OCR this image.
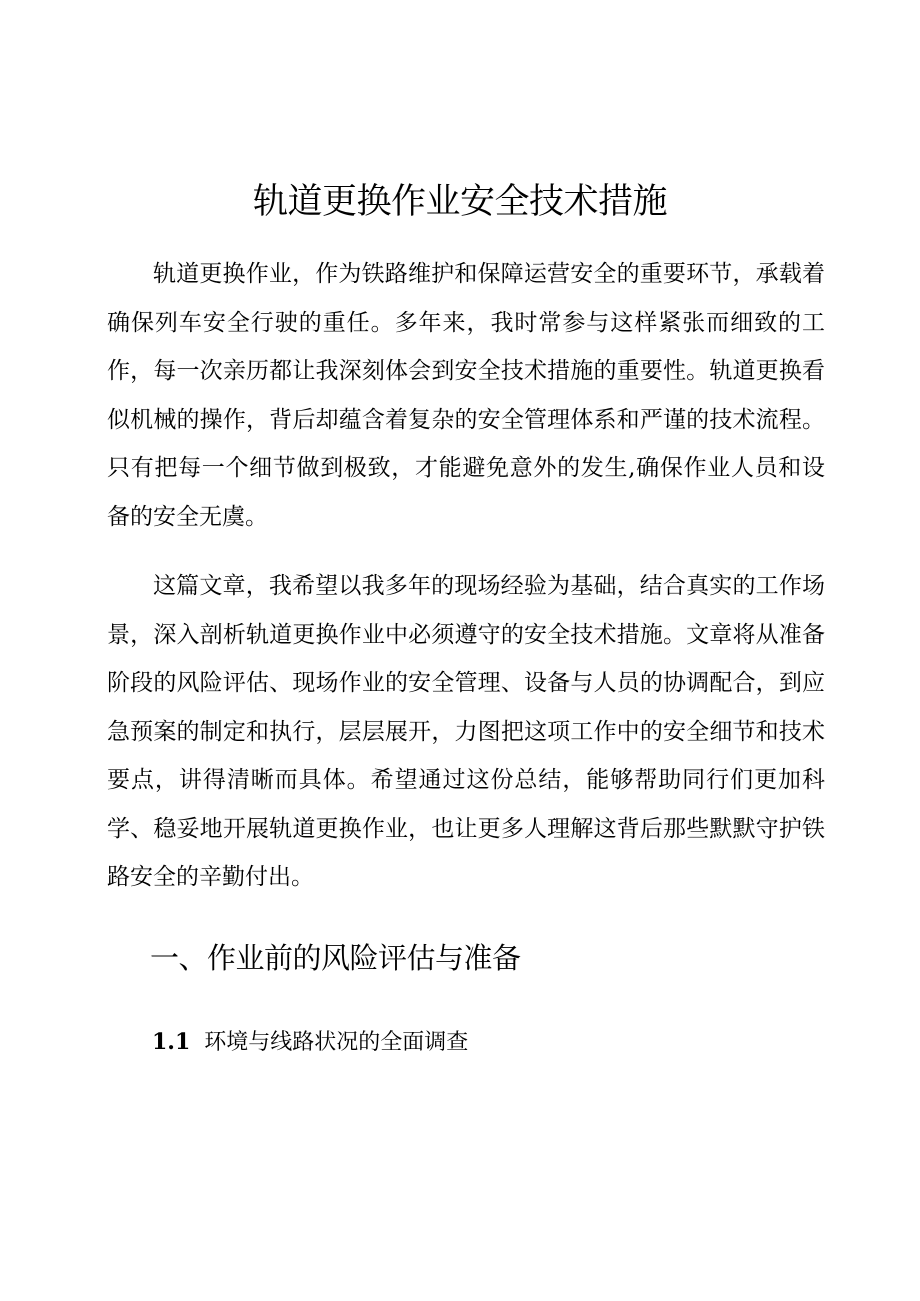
轨道更换作业安全技术措施

轨道更换作业，作为铁路维护和保障运营安全的重要环节，承载着确保列车安全行驶的重任。多年来，我时常参与这样紧张而细致的工作，每一次亲历都让我深刻体会到安全技术措施的重要性。轨道更换看似机械的操作，背后却蕴含着复杂的安全管理体系和严谨的技术流程。只有把每一个细节做到极致，才能避免意外的发生,确保作业人员和设备的安全无虞。

这篇文章，我希望以我多年的现场经验为基础，结合真实的工作场景，深入剖析轨道更换作业中必须遵守的安全技术措施。文章将从准备阶段的风险评估、现场作业的安全管理、设备与人员的协调配合，到应急预案的制定和执行，层层展开，力图把这项工作中的安全细节和技术要点，讲得清晰而具体。希望通过这份总结，能够帮助同行们更加科学、稳妥地开展轨道更换作业，也让更多人理解这背后那些默默守护铁路安全的辛勤付出。

一、作业前的风险评估与准备
1.1 环境与线路状况的全面调查
